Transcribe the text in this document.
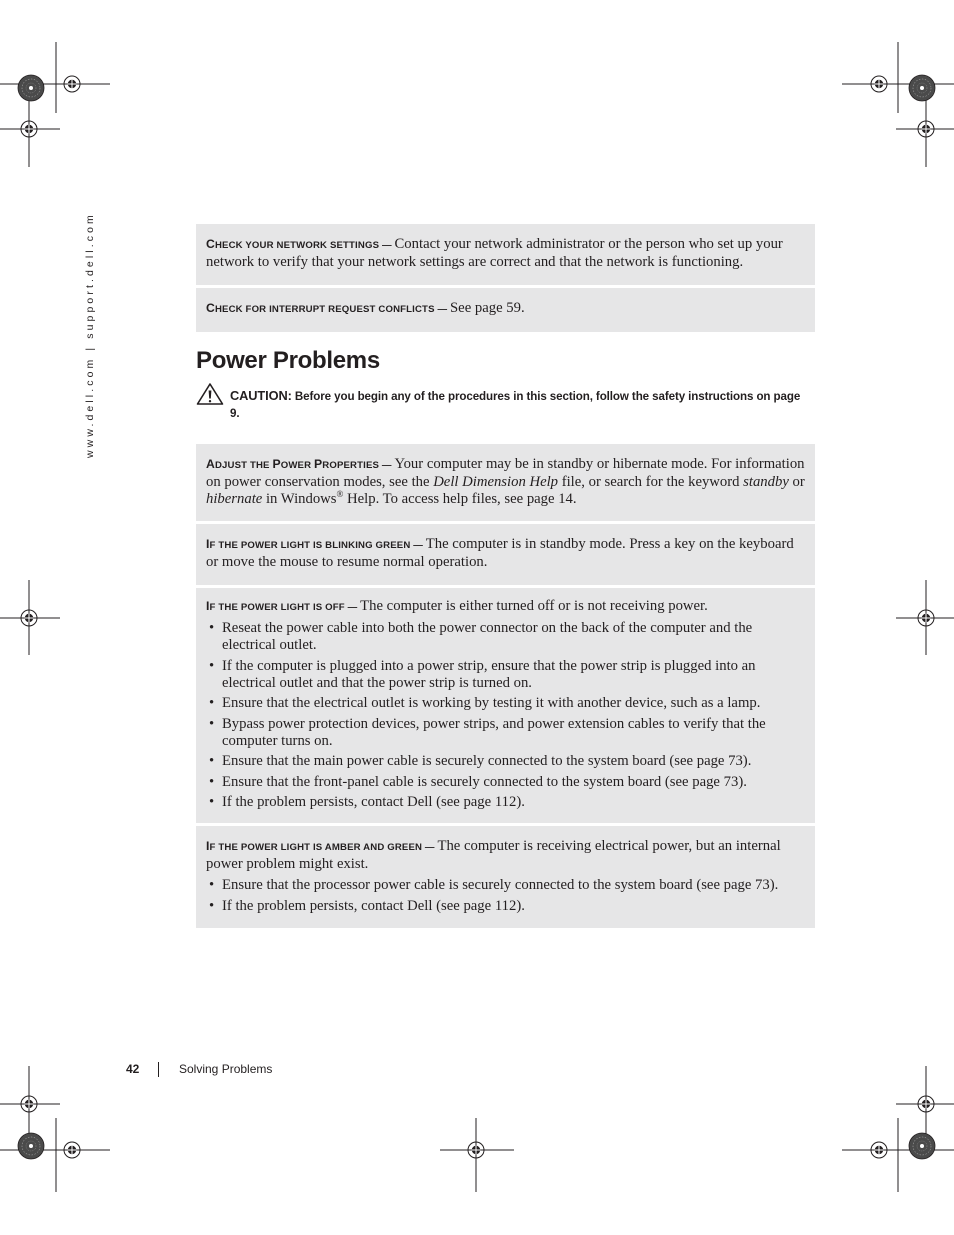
www.dell.com | support.dell.com	CHECK YOUR NETWORK SETTINGS — Contact your network administrator or the person who set up your network to verify that your network settings are correct and that the network is functioning.
CHECK FOR INTERRUPT REQUEST CONFLICTS — See page 59.
Power Problems
CAUTION: Before you begin any of the procedures in this section, follow the safety instructions on page 9.
ADJUST THE POWER PROPERTIES — Your computer may be in standby or hibernate mode. For information on power conservation modes, see the Dell Dimension Help file, or search for the keyword standby or
hibernate in Windows® Help. To access help files, see page 14.
IF THE POWER LIGHT IS BLINKING GREEN — The computer is in standby mode. Press a key on the keyboard or move the mouse to resume normal operation.
IF THE POWER LIGHT IS OFF — The computer is either turned off or is not receiving power.
• Reseat the power cable into both the power connector on the back of the computer and the electrical outlet.
• If the computer is plugged into a power strip, ensure that the power strip is plugged into an electrical outlet and that the power strip is turned on.
• Ensure that the electrical outlet is working by testing it with another device, such as a lamp.
• Bypass power protection devices, power strips, and power extension cables to verify that the computer turns on.
• Ensure that the main power cable is securely connected to the system board (see page 73).
• Ensure that the front-panel cable is securely connected to the system board (see page 73).
• If the problem persists, contact Dell (see page 112).
IF THE POWER LIGHT IS AMBER AND GREEN — The computer is receiving electrical power, but an internal power problem might exist.
• Ensure that the processor power cable is securely connected to the system board (see page 73).
• If the problem persists, contact Dell (see page 112).
42	Solving Problems
